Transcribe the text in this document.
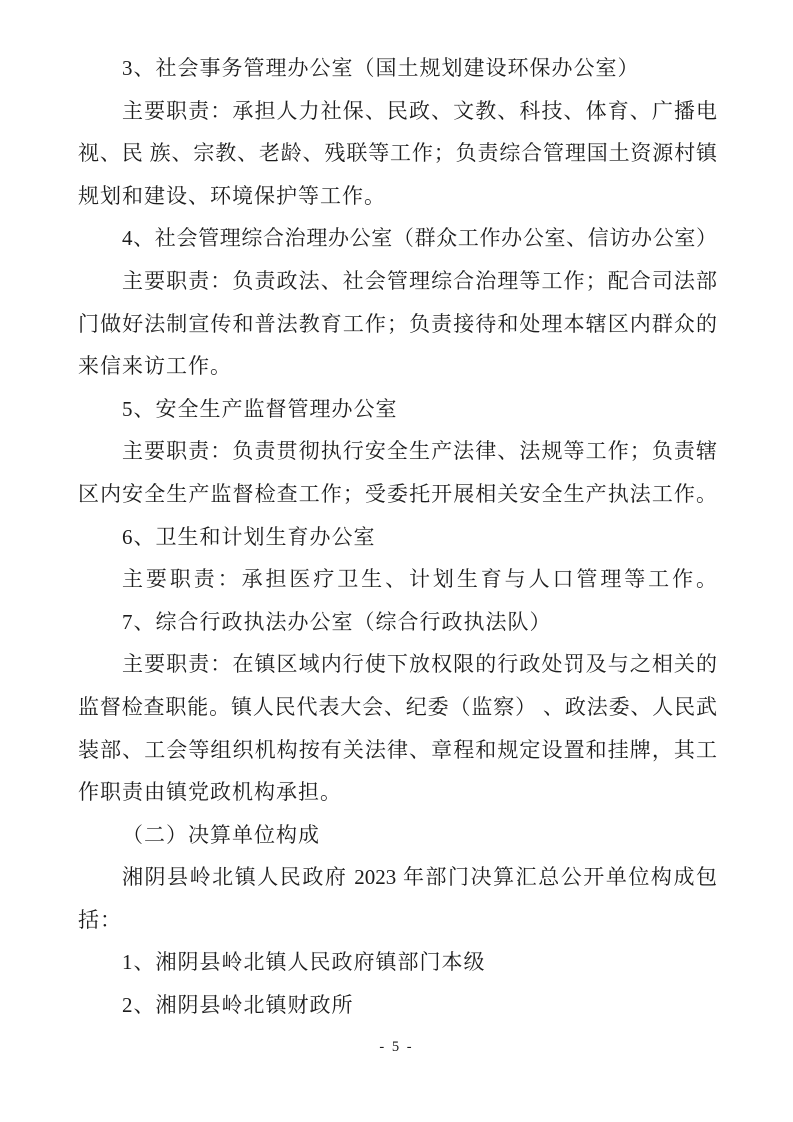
3、社会事务管理办公室（国土规划建设环保办公室）
主要职责：承担人力社保、民政、文教、科技、体育、广播电
视、民 族、宗教、老龄、残联等工作；负责综合管理国土资源村镇
规划和建设、环境保护等工作。
4、社会管理综合治理办公室（群众工作办公室、信访办公室）
主要职责：负责政法、社会管理综合治理等工作；配合司法部
门做好法制宣传和普法教育工作；负责接待和处理本辖区内群众的
来信来访工作。
5、安全生产监督管理办公室
主要职责：负责贯彻执行安全生产法律、法规等工作；负责辖
区内安全生产监督检查工作；受委托开展相关安全生产执法工作。
6、卫生和计划生育办公室
主要职责：承担医疗卫生、计划生育与人口管理等工作。
7、综合行政执法办公室（综合行政执法队）
主要职责：在镇区域内行使下放权限的行政处罚及与之相关的
监督检查职能。镇人民代表大会、纪委（监察） 、政法委、人民武
装部、工会等组织机构按有关法律、章程和规定设置和挂牌，其工
作职责由镇党政机构承担。
（二）决算单位构成
湘阴县岭北镇人民政府 2023 年部门决算汇总公开单位构成包
括：
1、湘阴县岭北镇人民政府镇部门本级
2、湘阴县岭北镇财政所
- 5 -
